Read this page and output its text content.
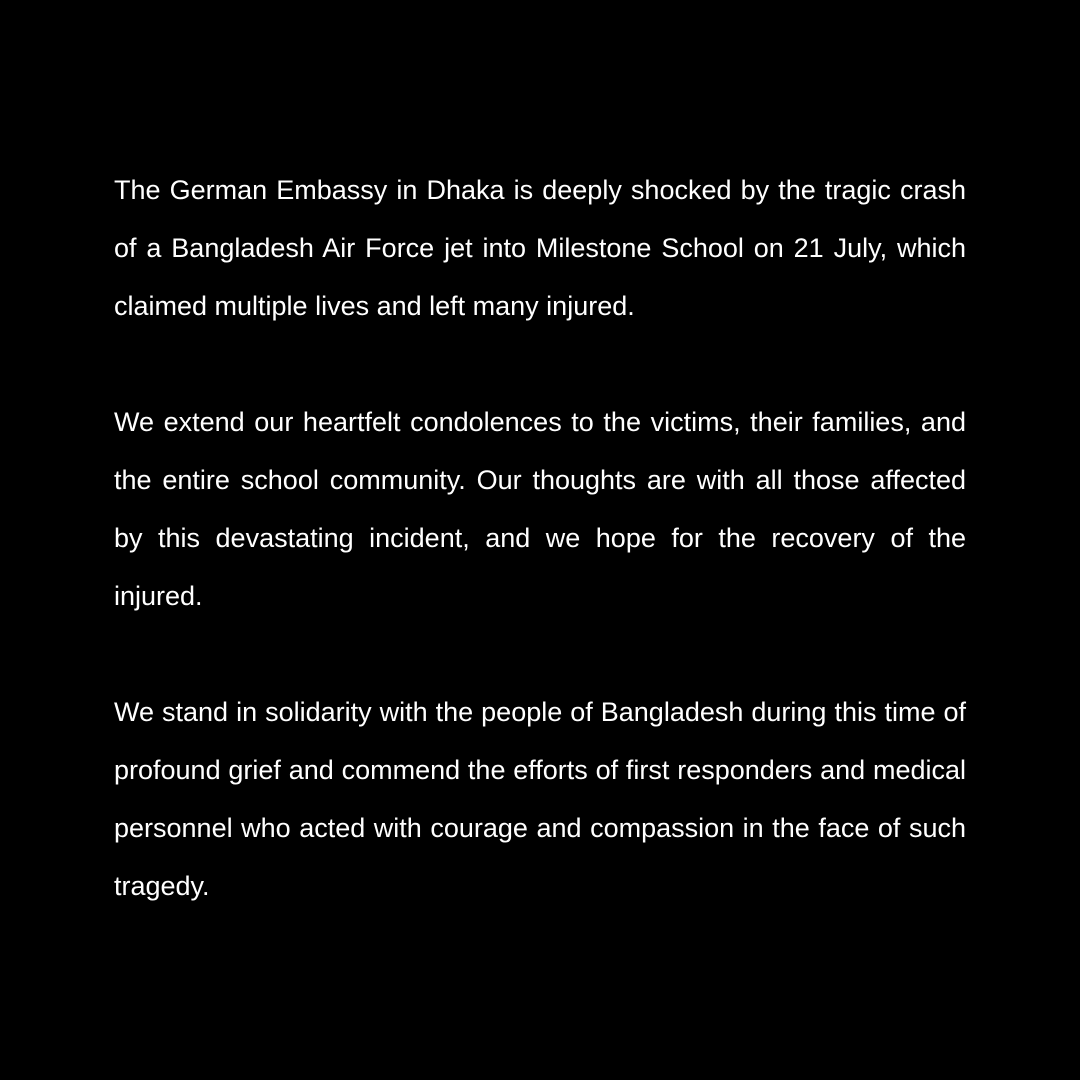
The German Embassy in Dhaka is deeply shocked by the tragic crash of a Bangladesh Air Force jet into Milestone School on 21 July, which claimed multiple lives and left many injured.

We extend our heartfelt condolences to the victims, their families, and the entire school community. Our thoughts are with all those affected by this devastating incident, and we hope for the recovery of the injured.

We stand in solidarity with the people of Bangladesh during this time of profound grief and commend the efforts of first responders and medical personnel who acted with courage and compassion in the face of such tragedy.
